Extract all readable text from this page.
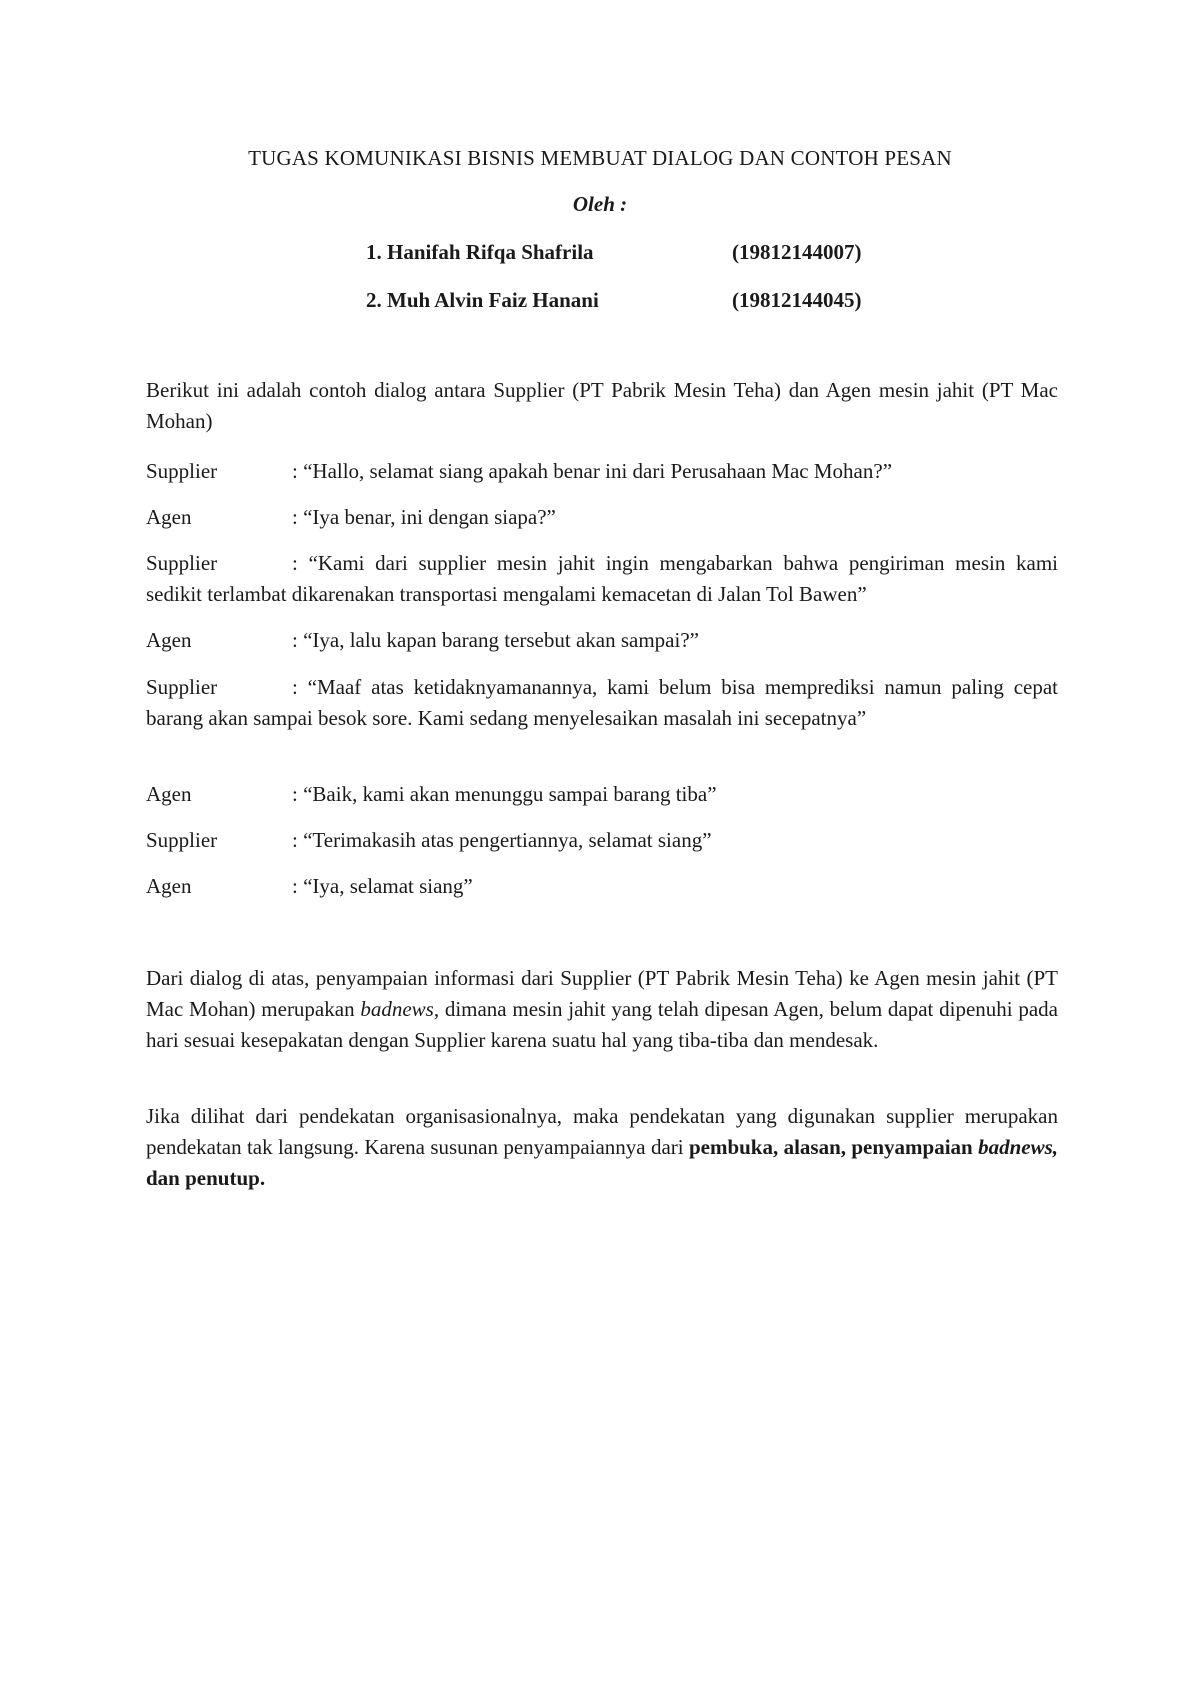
TUGAS KOMUNIKASI BISNIS MEMBUAT DIALOG DAN CONTOH PESAN
Oleh :
1. Hanifah Rifqa Shafrila	(19812144007)
2. Muh Alvin Faiz Hanani	(19812144045)
Berikut ini adalah contoh dialog antara Supplier (PT Pabrik Mesin Teha) dan Agen mesin jahit (PT Mac Mohan)
Supplier	: “Hallo, selamat siang apakah benar ini dari Perusahaan Mac Mohan?”
Agen	: “Iya benar, ini dengan siapa?”
Supplier	: “Kami dari supplier mesin jahit ingin mengabarkan bahwa pengiriman mesin kami sedikit terlambat dikarenakan transportasi mengalami kemacetan di Jalan Tol Bawen”
Agen	: “Iya, lalu kapan barang tersebut akan sampai?”
Supplier	: “Maaf atas ketidaknyamanannya, kami belum bisa memprediksi namun paling cepat barang akan sampai besok sore. Kami sedang menyelesaikan masalah ini secepatnya”
Agen	: “Baik, kami akan menunggu sampai barang tiba”
Supplier	: “Terimakasih atas pengertiannya, selamat siang”
Agen	: “Iya, selamat siang”
Dari dialog di atas, penyampaian informasi dari Supplier (PT Pabrik Mesin Teha) ke Agen mesin jahit (PT Mac Mohan) merupakan badnews, dimana mesin jahit yang telah dipesan Agen, belum dapat dipenuhi pada hari sesuai kesepakatan dengan Supplier karena suatu hal yang tiba-tiba dan mendesak.
Jika dilihat dari pendekatan organisasionalnya, maka pendekatan yang digunakan supplier merupakan pendekatan tak langsung. Karena susunan penyampaiannya dari pembuka, alasan, penyampaian badnews, dan penutup.
